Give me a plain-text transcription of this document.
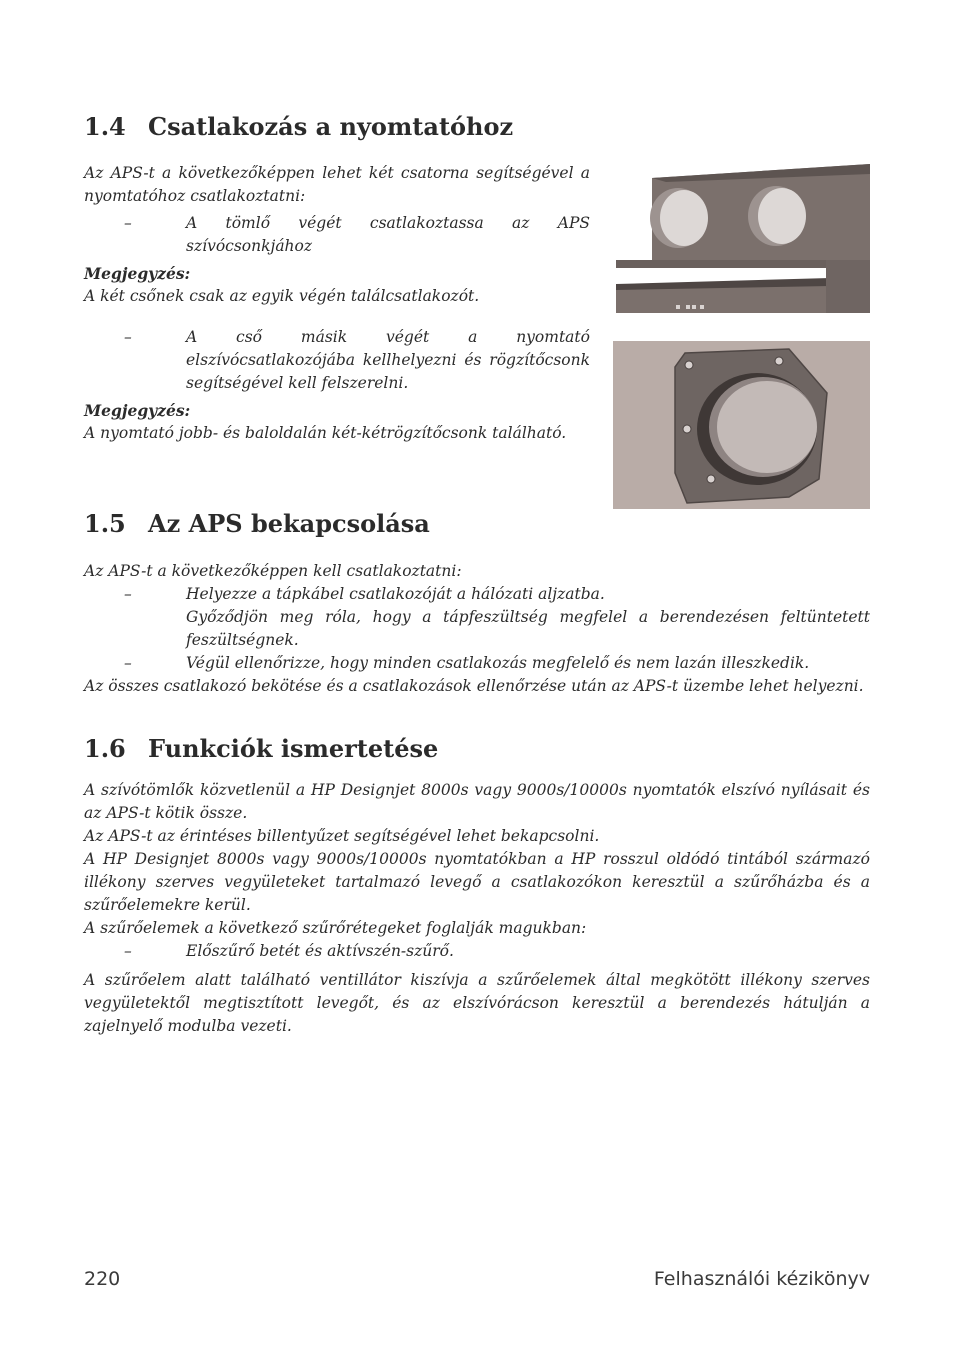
1.4 Csatlakozás a nyomtatóhoz

Az APS-t a következőképpen lehet két csatorna segítségével a nyomtatóhoz csatlakoztatni:

–	A tömlő végét csatlakoztassa az APS szívócsonkjához
Megjegyzés:

A két csőnek csak az egyik végén találcsatlakozót.

–	A cső másik végét a nyomtató elszívócsatlakozójába kellhelyezni és rögzítőcsonk segítségével kell felszerelni.
Megjegyzés:

A nyomtató jobb- és baloldalán két-kétrögzítőcsonk található.

1.5 Az APS bekapcsolása

Az APS-t a következőképpen kell csatlakoztatni:

–	Helyezze a tápkábel csatlakozóját a hálózati aljzatba.
Győződjön meg róla, hogy a tápfeszültség megfelel a berendezésen feltüntetett feszültségnek.
–	Végül ellenőrizze, hogy minden csatlakozás megfelelő és nem lazán illeszkedik.

Az összes csatlakozó bekötése és a csatlakozások ellenőrzése után az APS-t üzembe lehet helyezni.

1.6 Funkciók ismertetése

A szívótömlők közvetlenül a HP Designjet 8000s vagy 9000s/10000s nyomtatók elszívó nyílásait és az APS-t kötik össze.

Az APS-t az érintéses billentyűzet segítségével lehet bekapcsolni.

A HP Designjet 8000s vagy 9000s/10000s nyomtatókban a HP rosszul oldódó tintából származó illékony szerves vegyületeket tartalmazó levegő a csatlakozókon keresztül a szűrőházba és a szűrőelemekre kerül.

A szűrőelemek a következő szűrőrétegeket foglalják magukban:

–	Előszűrő betét és aktívszén-szűrő.

A szűrőelem alatt található ventillátor kiszívja a szűrőelemek által megkötött illékony szerves vegyületektől megtisztított levegőt, és az elszívórácson keresztül a berendezés hátulján a zajelnyelő modulba vezeti.

220	Felhasználói kézikönyv
